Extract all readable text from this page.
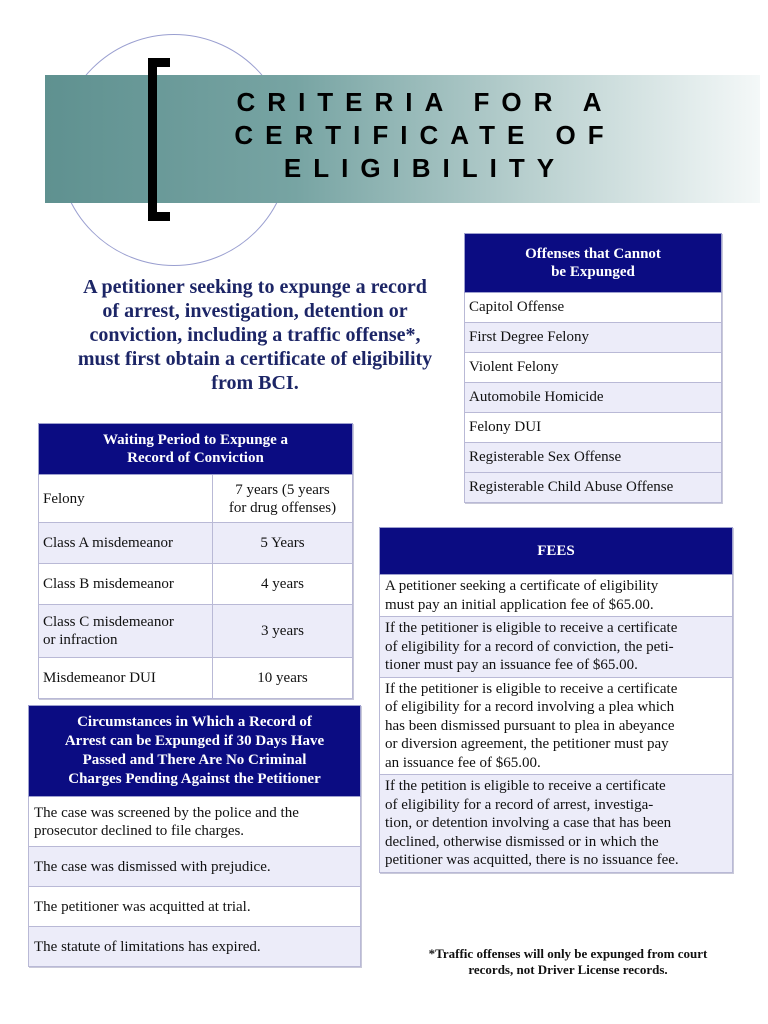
CRITERIA FOR A
CERTIFICATE OF
ELIGIBILITY
A petitioner seeking to expunge a record of arrest, investigation, detention or conviction, including a traffic offense*, must first obtain a certificate of eligibility from BCI.
Offenses that Cannot
be Expunged
Capitol Offense
First Degree Felony
Violent Felony
Automobile Homicide
Felony DUI
Registerable Sex Offense
Registerable Child Abuse Offense
Waiting Period to Expunge a
Record of Conviction	
Felony	7 years (5 years
for drug offenses)
Class A misdemeanor	5 Years
Class B misdemeanor	4 years
Class C misdemeanor
or infraction	3 years
Misdemeanor DUI	10 years
Circumstances in Which a Record of
Arrest can be Expunged if 30 Days Have
Passed and There Are No Criminal
Charges Pending Against the Petitioner
The case was screened by the police and the
prosecutor declined to file charges.
The case was dismissed with prejudice.
The petitioner was acquitted at trial.
The statute of limitations has expired.
FEES
A petitioner seeking a certificate of eligibility
must pay an initial application fee of $65.00.
If the petitioner is eligible to receive a certificate
of eligibility for a record of conviction, the peti-
tioner must pay an issuance fee of $65.00.
If the petitioner is eligible to receive a certificate
of eligibility for a record involving a plea which
has been dismissed pursuant to plea in abeyance
or diversion agreement, the petitioner must pay
an issuance fee of $65.00.
If the petition is eligible to receive a certificate
of eligibility for a record of arrest, investiga-
tion, or detention involving a case that has been
declined, otherwise dismissed or in which the
petitioner was acquitted, there is no issuance fee.
*Traffic offenses will only be expunged from court
records, not Driver License records.
